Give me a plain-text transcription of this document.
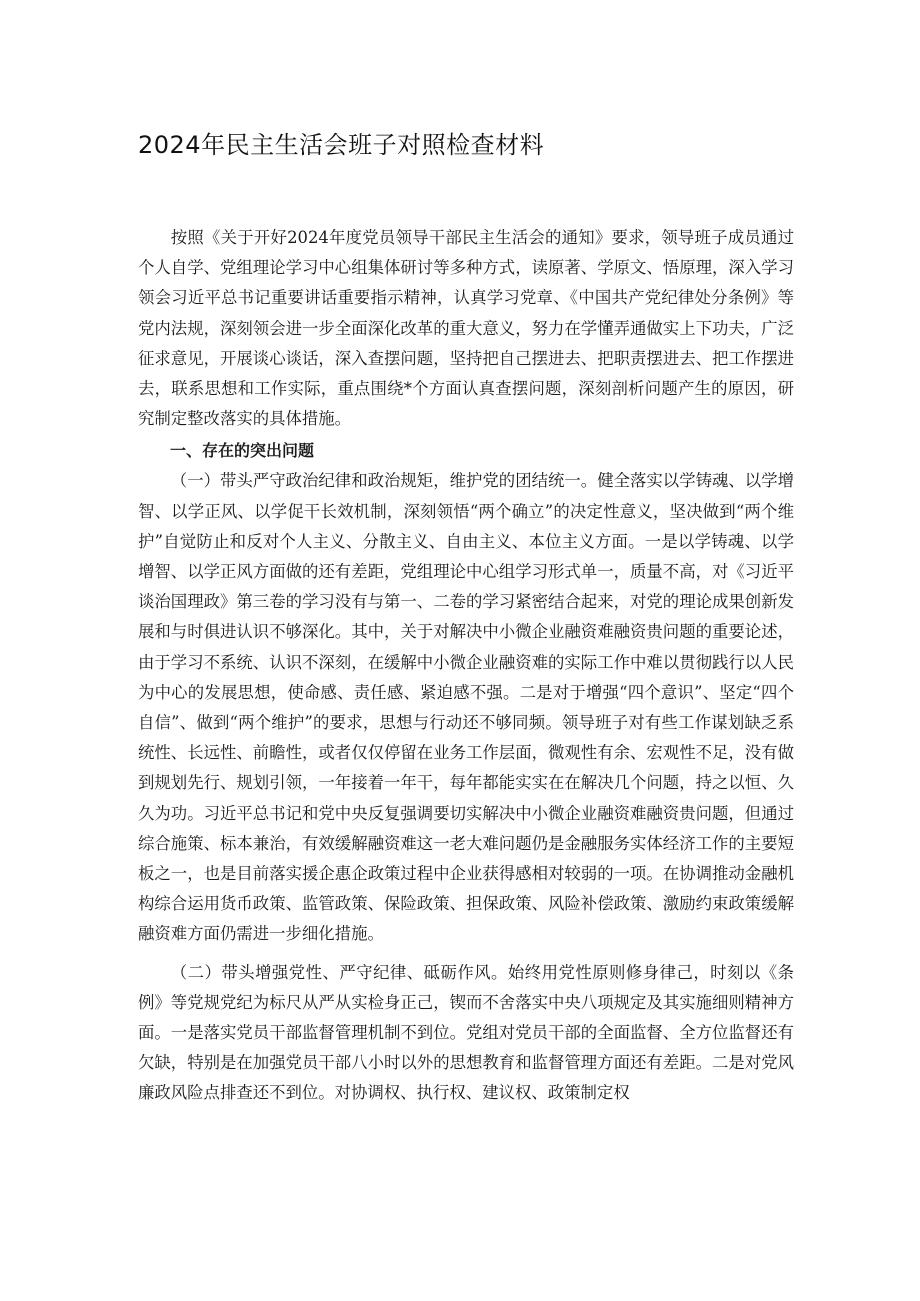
2024年民主生活会班子对照检查材料

按照《关于开好2024年度党员领导干部民主生活会的通知》要求，领导班子成员通过个人自学、党组理论学习中心组集体研讨等多种方式，读原著、学原文、悟原理，深入学习领会习近平总书记重要讲话重要指示精神，认真学习党章、《中国共产党纪律处分条例》等党内法规，深刻领会进一步全面深化改革的重大意义，努力在学懂弄通做实上下功夫，广泛征求意见，开展谈心谈话，深入查摆问题，坚持把自己摆进去、把职责摆进去、把工作摆进去，联系思想和工作实际，重点围绕*个方面认真查摆问题，深刻剖析问题产生的原因，研究制定整改落实的具体措施。

一、存在的突出问题

（一）带头严守政治纪律和政治规矩，维护党的团结统一。健全落实以学铸魂、以学增智、以学正风、以学促干长效机制，深刻领悟“两个确立”的决定性意义，坚决做到“两个维护”自觉防止和反对个人主义、分散主义、自由主义、本位主义方面。一是以学铸魂、以学增智、以学正风方面做的还有差距，党组理论中心组学习形式单一，质量不高，对《习近平谈治国理政》第三卷的学习没有与第一、二卷的学习紧密结合起来，对党的理论成果创新发展和与时俱进认识不够深化。其中，关于对解决中小微企业融资难融资贵问题的重要论述，由于学习不系统、认识不深刻，在缓解中小微企业融资难的实际工作中难以贯彻践行以人民为中心的发展思想，使命感、责任感、紧迫感不强。二是对于增强“四个意识”、坚定“四个自信”、做到“两个维护”的要求，思想与行动还不够同频。领导班子对有些工作谋划缺乏系统性、长远性、前瞻性，或者仅仅停留在业务工作层面，微观性有余、宏观性不足，没有做到规划先行、规划引领，一年接着一年干，每年都能实实在在解决几个问题，持之以恒、久久为功。习近平总书记和党中央反复强调要切实解决中小微企业融资难融资贵问题，但通过综合施策、标本兼治，有效缓解融资难这一老大难问题仍是金融服务实体经济工作的主要短板之一，也是目前落实援企惠企政策过程中企业获得感相对较弱的一项。在协调推动金融机构综合运用货币政策、监管政策、保险政策、担保政策、风险补偿政策、激励约束政策缓解融资难方面仍需进一步细化措施。

（二）带头增强党性、严守纪律、砥砺作风。始终用党性原则修身律己，时刻以《条例》等党规党纪为标尺从严从实检身正己，锲而不舍落实中央八项规定及其实施细则精神方面。一是落实党员干部监督管理机制不到位。党组对党员干部的全面监督、全方位监督还有欠缺，特别是在加强党员干部八小时以外的思想教育和监督管理方面还有差距。二是对党风廉政风险点排查还不到位。对协调权、执行权、建议权、政策制定权
